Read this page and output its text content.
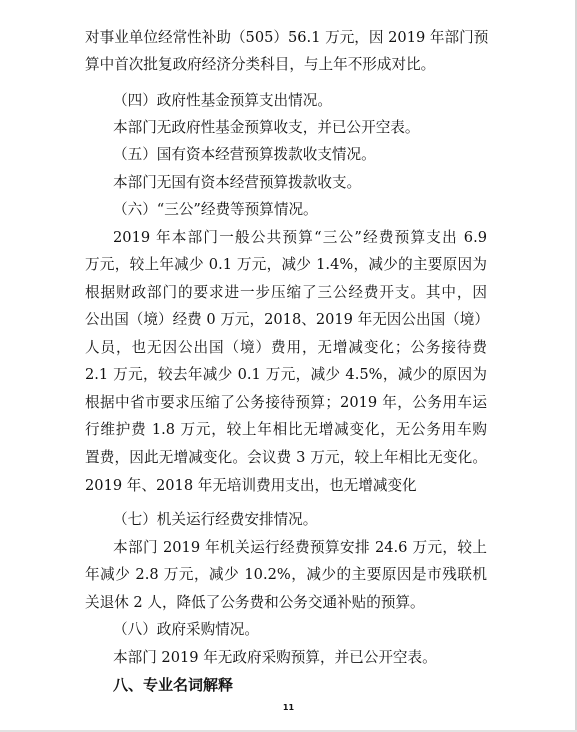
对事业单位经常性补助（505）56.1 万元，因 2019 年部门预
算中首次批复政府经济分类科目，与上年不形成对比。
（四）政府性基金预算支出情况。
本部门无政府性基金预算收支，并已公开空表。
（五）国有资本经营预算拨款收支情况。
本部门无国有资本经营预算拨款收支。
（六）“三公”经费等预算情况。
2019 年本部门一般公共预算“三公”经费预算支出 6.9
万元，较上年减少 0.1 万元，减少 1.4%，减少的主要原因为
根据财政部门的要求进一步压缩了三公经费开支。其中，因
公出国（境）经费 0 万元，2018、2019 年无因公出国（境）
人员，也无因公出国（境）费用，无增减变化；公务接待费
2.1 万元，较去年减少 0.1 万元，减少 4.5%，减少的原因为
根据中省市要求压缩了公务接待预算；2019 年，公务用车运
行维护费 1.8 万元，较上年相比无增减变化，无公务用车购
置费，因此无增减变化。会议费 3 万元，较上年相比无变化。
2019 年、2018 年无培训费用支出，也无增减变化
（七）机关运行经费安排情况。
本部门 2019 年机关运行经费预算安排 24.6 万元，较上
年减少 2.8 万元，减少 10.2%，减少的主要原因是市残联机
关退休 2 人，降低了公务费和公务交通补贴的预算。
（八）政府采购情况。
本部门 2019 年无政府采购预算，并已公开空表。
八、专业名词解释
11
